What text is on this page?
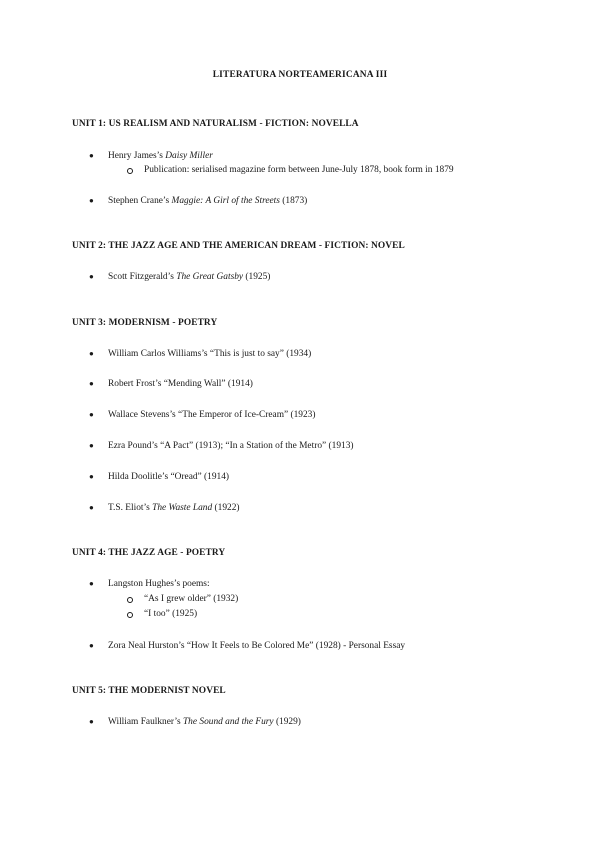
LITERATURA NORTEAMERICANA III
UNIT 1: US REALISM AND NATURALISM - FICTION: NOVELLA
● Henry James’s Daisy Miller
Publication: serialised magazine form between June-July 1878, book form in 1879
● Stephen Crane’s Maggie: A Girl of the Streets (1873)
UNIT 2: THE JAZZ AGE AND THE AMERICAN DREAM - FICTION: NOVEL
● Scott Fitzgerald’s The Great Gatsby (1925)
UNIT 3: MODERNISM - POETRY
● William Carlos Williams’s “This is just to say” (1934)
● Robert Frost’s “Mending Wall” (1914)
● Wallace Stevens’s “The Emperor of Ice-Cream” (1923)
● Ezra Pound’s “A Pact” (1913); “In a Station of the Metro” (1913)
● Hilda Doolitle’s “Oread” (1914)
● T.S. Eliot’s The Waste Land (1922)
UNIT 4: THE JAZZ AGE - POETRY
● Langston Hughes’s poems:
“As I grew older” (1932)
“I too” (1925)
● Zora Neal Hurston’s “How It Feels to Be Colored Me” (1928) - Personal Essay
UNIT 5: THE MODERNIST NOVEL
● William Faulkner’s The Sound and the Fury (1929)
